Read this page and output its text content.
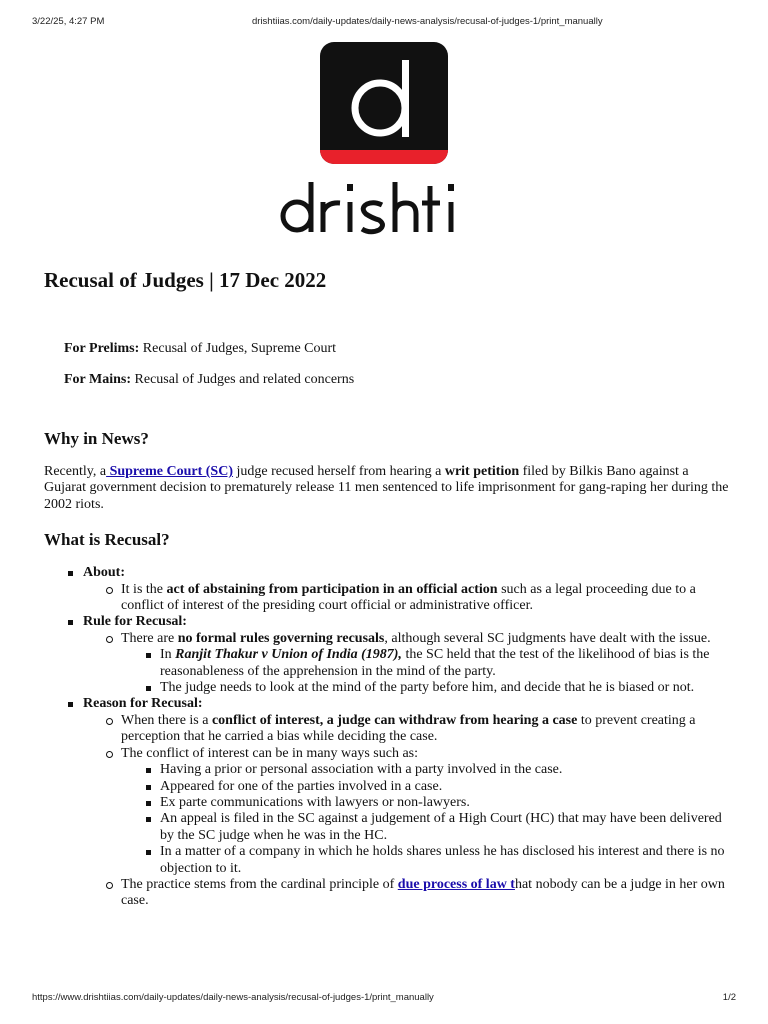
3/22/25, 4:27 PM	drishtiias.com/daily-updates/daily-news-analysis/recusal-of-judges-1/print_manually
Recusal of Judges | 17 Dec 2022

For Prelims: Recusal of Judges, Supreme Court

For Mains: Recusal of Judges and related concerns

Why in News?

Recently, a Supreme Court (SC) judge recused herself from hearing a writ petition filed by Bilkis Bano against a Gujarat government decision to prematurely release 11 men sentenced to life imprisonment for gang-raping her during the 2002 riots.

What is Recusal?
About:
It is the act of abstaining from participation in an official action such as a legal proceeding due to a conflict of interest of the presiding court official or administrative officer.
Rule for Recusal:
There are no formal rules governing recusals, although several SC judgments have dealt with the issue.
In Ranjit Thakur v Union of India (1987), the SC held that the test of the likelihood of bias is the reasonableness of the apprehension in the mind of the party.
The judge needs to look at the mind of the party before him, and decide that he is biased or not.
Reason for Recusal:
When there is a conflict of interest, a judge can withdraw from hearing a case to prevent creating a perception that he carried a bias while deciding the case.
The conflict of interest can be in many ways such as:
Having a prior or personal association with a party involved in the case.
Appeared for one of the parties involved in a case.
Ex parte communications with lawyers or non-lawyers.
An appeal is filed in the SC against a judgement of a High Court (HC) that may have been delivered by the SC judge when he was in the HC.
In a matter of a company in which he holds shares unless he has disclosed his interest and there is no objection to it.
The practice stems from the cardinal principle of due process of law that nobody can be a judge in her own case.
https://www.drishtiias.com/daily-updates/daily-news-analysis/recusal-of-judges-1/print_manually	1/2
